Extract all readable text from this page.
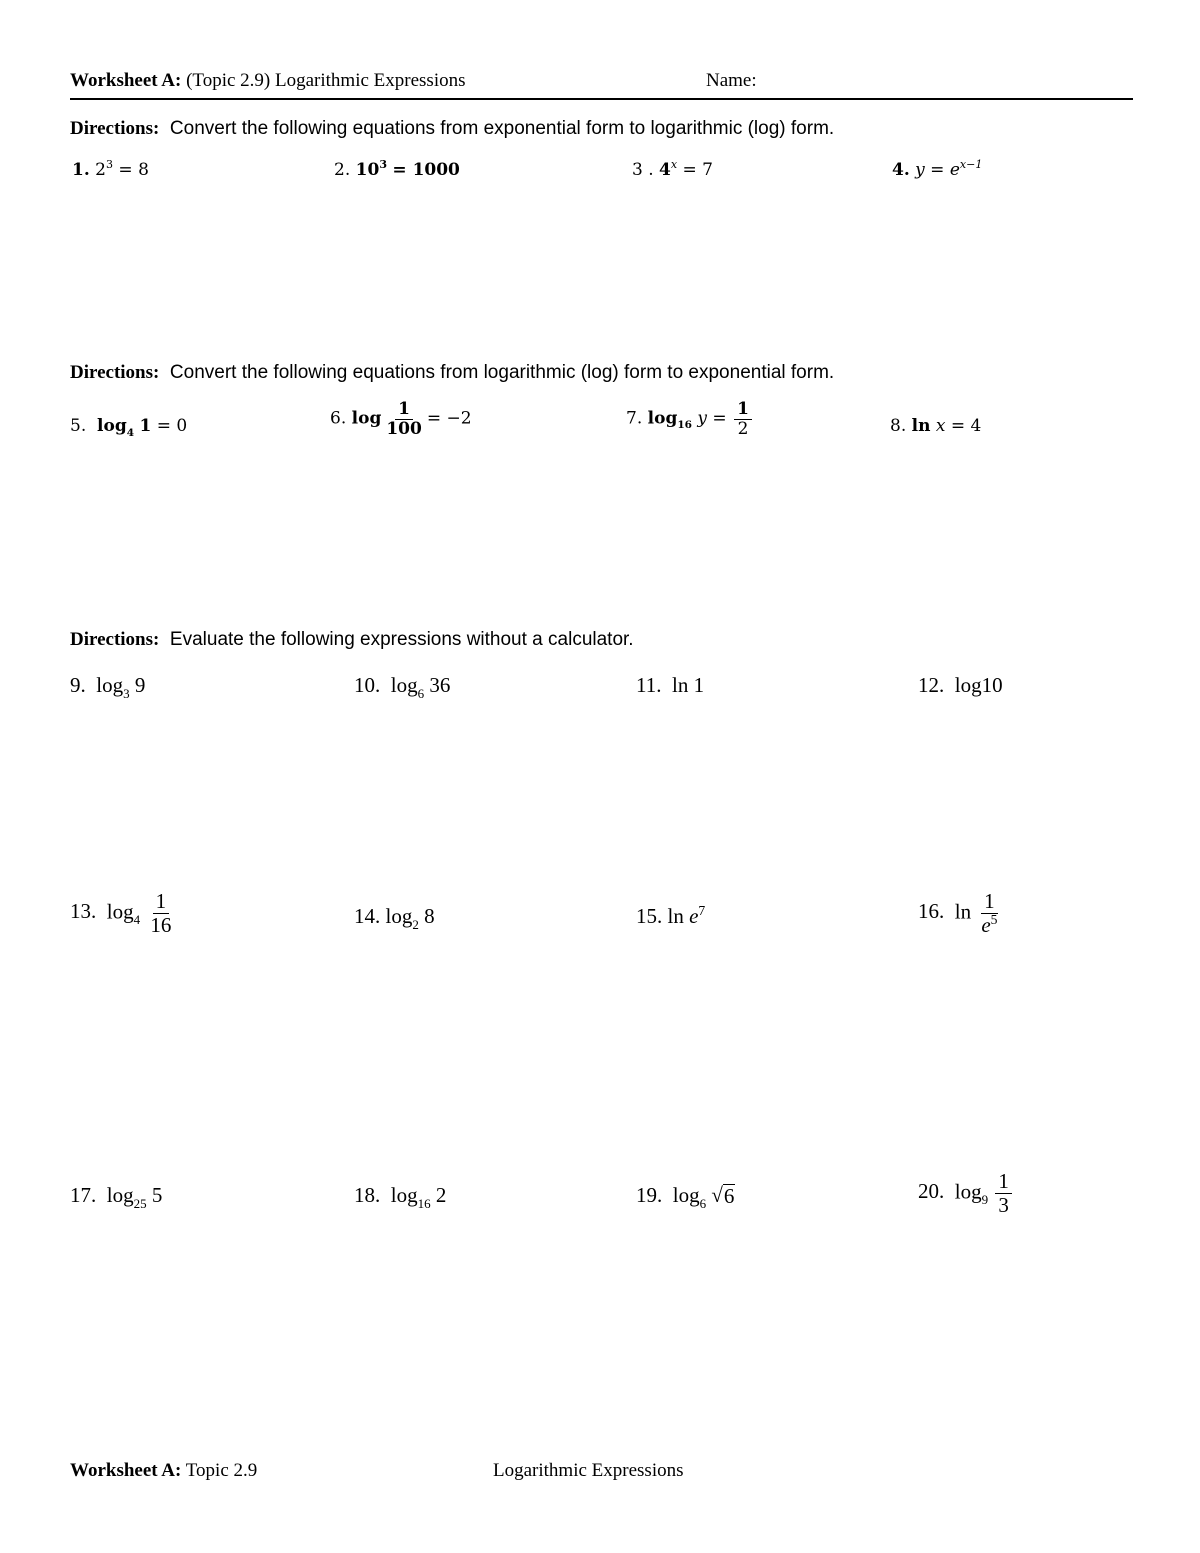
Worksheet A: (Topic 2.9) Logarithmic Expressions	Name:
Directions: Convert the following equations from exponential form to logarithmic (log) form.
1. $2^3 = 8$	2. $10^3 = 1000$	3 . $4^x = 7$	4. $y = e^{x-1}$
Directions: Convert the following equations from logarithmic (log) form to exponential form.
5. $\log_4 1 = 0$	6. $\log \frac{1}{100} = -2$	7. $\log_{16} y = \frac{1}{2}$	8. ln x = 4
Directions: Evaluate the following expressions without a calculator.
9. $\log_3 9$	10. $\log_6 36$	11. ln 1	12. log10
13. $\log_4 \frac{1}{16}$	14. $\log_2 8$	15. $\ln e^7$	16. $\ln \frac{1}{e^5}$
17. $\log_{25} 5$	18. $\log_{16} 2$	19. $\log_6$ √ 6	20. $\log_9 \frac{1}{3}$
Worksheet A: Topic 2.9	Logarithmic Expressions
